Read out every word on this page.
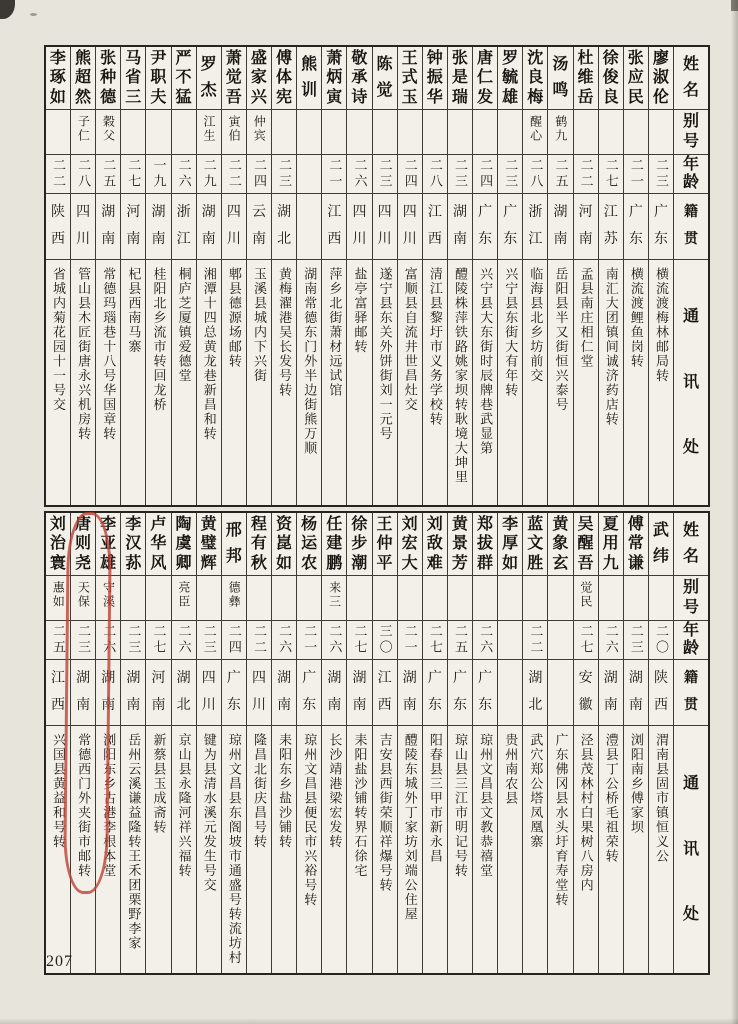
姓
名
别
号
年
龄
籍
贯
通
讯
处
廖
淑
伦
二三
广
东
横流渡梅林邮局转
张
应
民
二一
广
东
横流渡鲤鱼岗转
徐
俊
良
二七
江
苏
南汇大团镇间诚济药店转
杜
维
岳
二二
河
南
孟县南庄相仁堂
汤
鸣
鹤九
二五
湖
南
岳阳县半又街恒兴泰号
沈
良
梅
醒心
二八
浙
江
临海县北乡坊前交
罗
毓
雄
二三
广
东
兴宁县东街大有年转
唐
仁
发
二四
广
东
兴宁县大东街时辰牌巷武显第
张
是
瑞
二三
湖
南
醴陵株萍铁路姚家坝转耿境大坤里
钟
振
华
二八
江
西
清江县黎圩市义务学校转
王
式
玉
二四
四
川
富顺县自流井世昌灶交
陈
觉
二三
四
川
遂宁县东关外饼街刘一元号
敬
承
诗
二六
四
川
盐亭富驿邮转
萧
炳
寅
二一
江
西
萍乡北街萧材远试馆
熊
训
湖南常德东门外半边街熊万顺
傅
体
宪
二三
湖
北
黄梅濯港吴长发号转
盛
家
兴
仲宾
二四
云
南
玉溪县城内下兴街
萧
觉
吾
寅伯
二二
四
川
郫县德源场邮转
罗
杰
江生
二九
湖
南
湘潭十四总黄龙巷新昌和转
严
不
猛
二六
浙
江
桐庐芝厦镇爱德堂
尹
职
夫
一九
湖
南
桂阳北乡流市转回龙桥
马
省
三
二七
河
南
杞县西南马寨
张
种
德
穀父
二五
湖
南
常德玛瑙巷十八号华国章转
熊
超
然
子仁
二八
四
川
管山县木匠街唐永兴机房转
李
琢
如
二二
陕
西
省城内菊花园十一号交
姓
名
别
号
年
龄
籍
贯
通
讯
处
武
纬
二〇
陕
西
渭南县固市镇恒义公
傅
常
谦
二三
湖
南
浏阳南乡傅家坝
夏
用
九
二六
湖
南
澧县丁公桥毛祖荣转
吴
醒
吾
觉民
二七
安
徽
泾县茂林村白果树八房内
黄
象
玄
广东佛冈县水头圩育寿堂转
蓝
文
胜
二二
湖
北
武穴郑公塔凤凰寨
李
厚
如
贵州南农县
郑
拔
群
二六
广
东
琼州文昌县文教恭禧堂
黄
景
芳
二五
广
东
琼山县三江市明记号转
刘
敌
难
二七
广
东
阳春县三甲市新永昌
刘
宏
大
二一
湖
南
醴陵东城外丁家坊刘端公住屋
王
仲
平
三〇
江
西
吉安县西街荣顺祥爆号转
徐
步
潮
二七
湖
南
耒阳盐沙铺转界石徐宅
任
建
鹏
来三
二六
湖
南
长沙靖港梁宏发转
杨
运
农
二一
广
东
琼州文昌县便民市兴裕号转
资
崑
如
二六
湖
南
耒阳东乡盐沙铺转
程
有
秋
二二
四
川
隆昌北街庆昌号转
邢
邦
德彝
二四
广
东
琼州文昌县东阁坡市通盛号转流坊村
黄
璧
辉
二三
四
川
键为县清水溪元发生号交
陶
虞
卿
亮臣
二六
湖
北
京山县永隆河祥兴福转
卢
华
风
二七
河
南
新蔡县玉成斋转
李
汉
荪
二三
湖
南
岳州云溪谦益隆转王禾团栗野李家
李
亚
雄
守溪
二六
湖
南
浏阳东乡古港李根本堂
唐
则
尧
天保
二三
湖
南
常德西门外夹街市邮转
刘
治
寰
惠如
二五
江
西
兴国县黄益和号转
207
